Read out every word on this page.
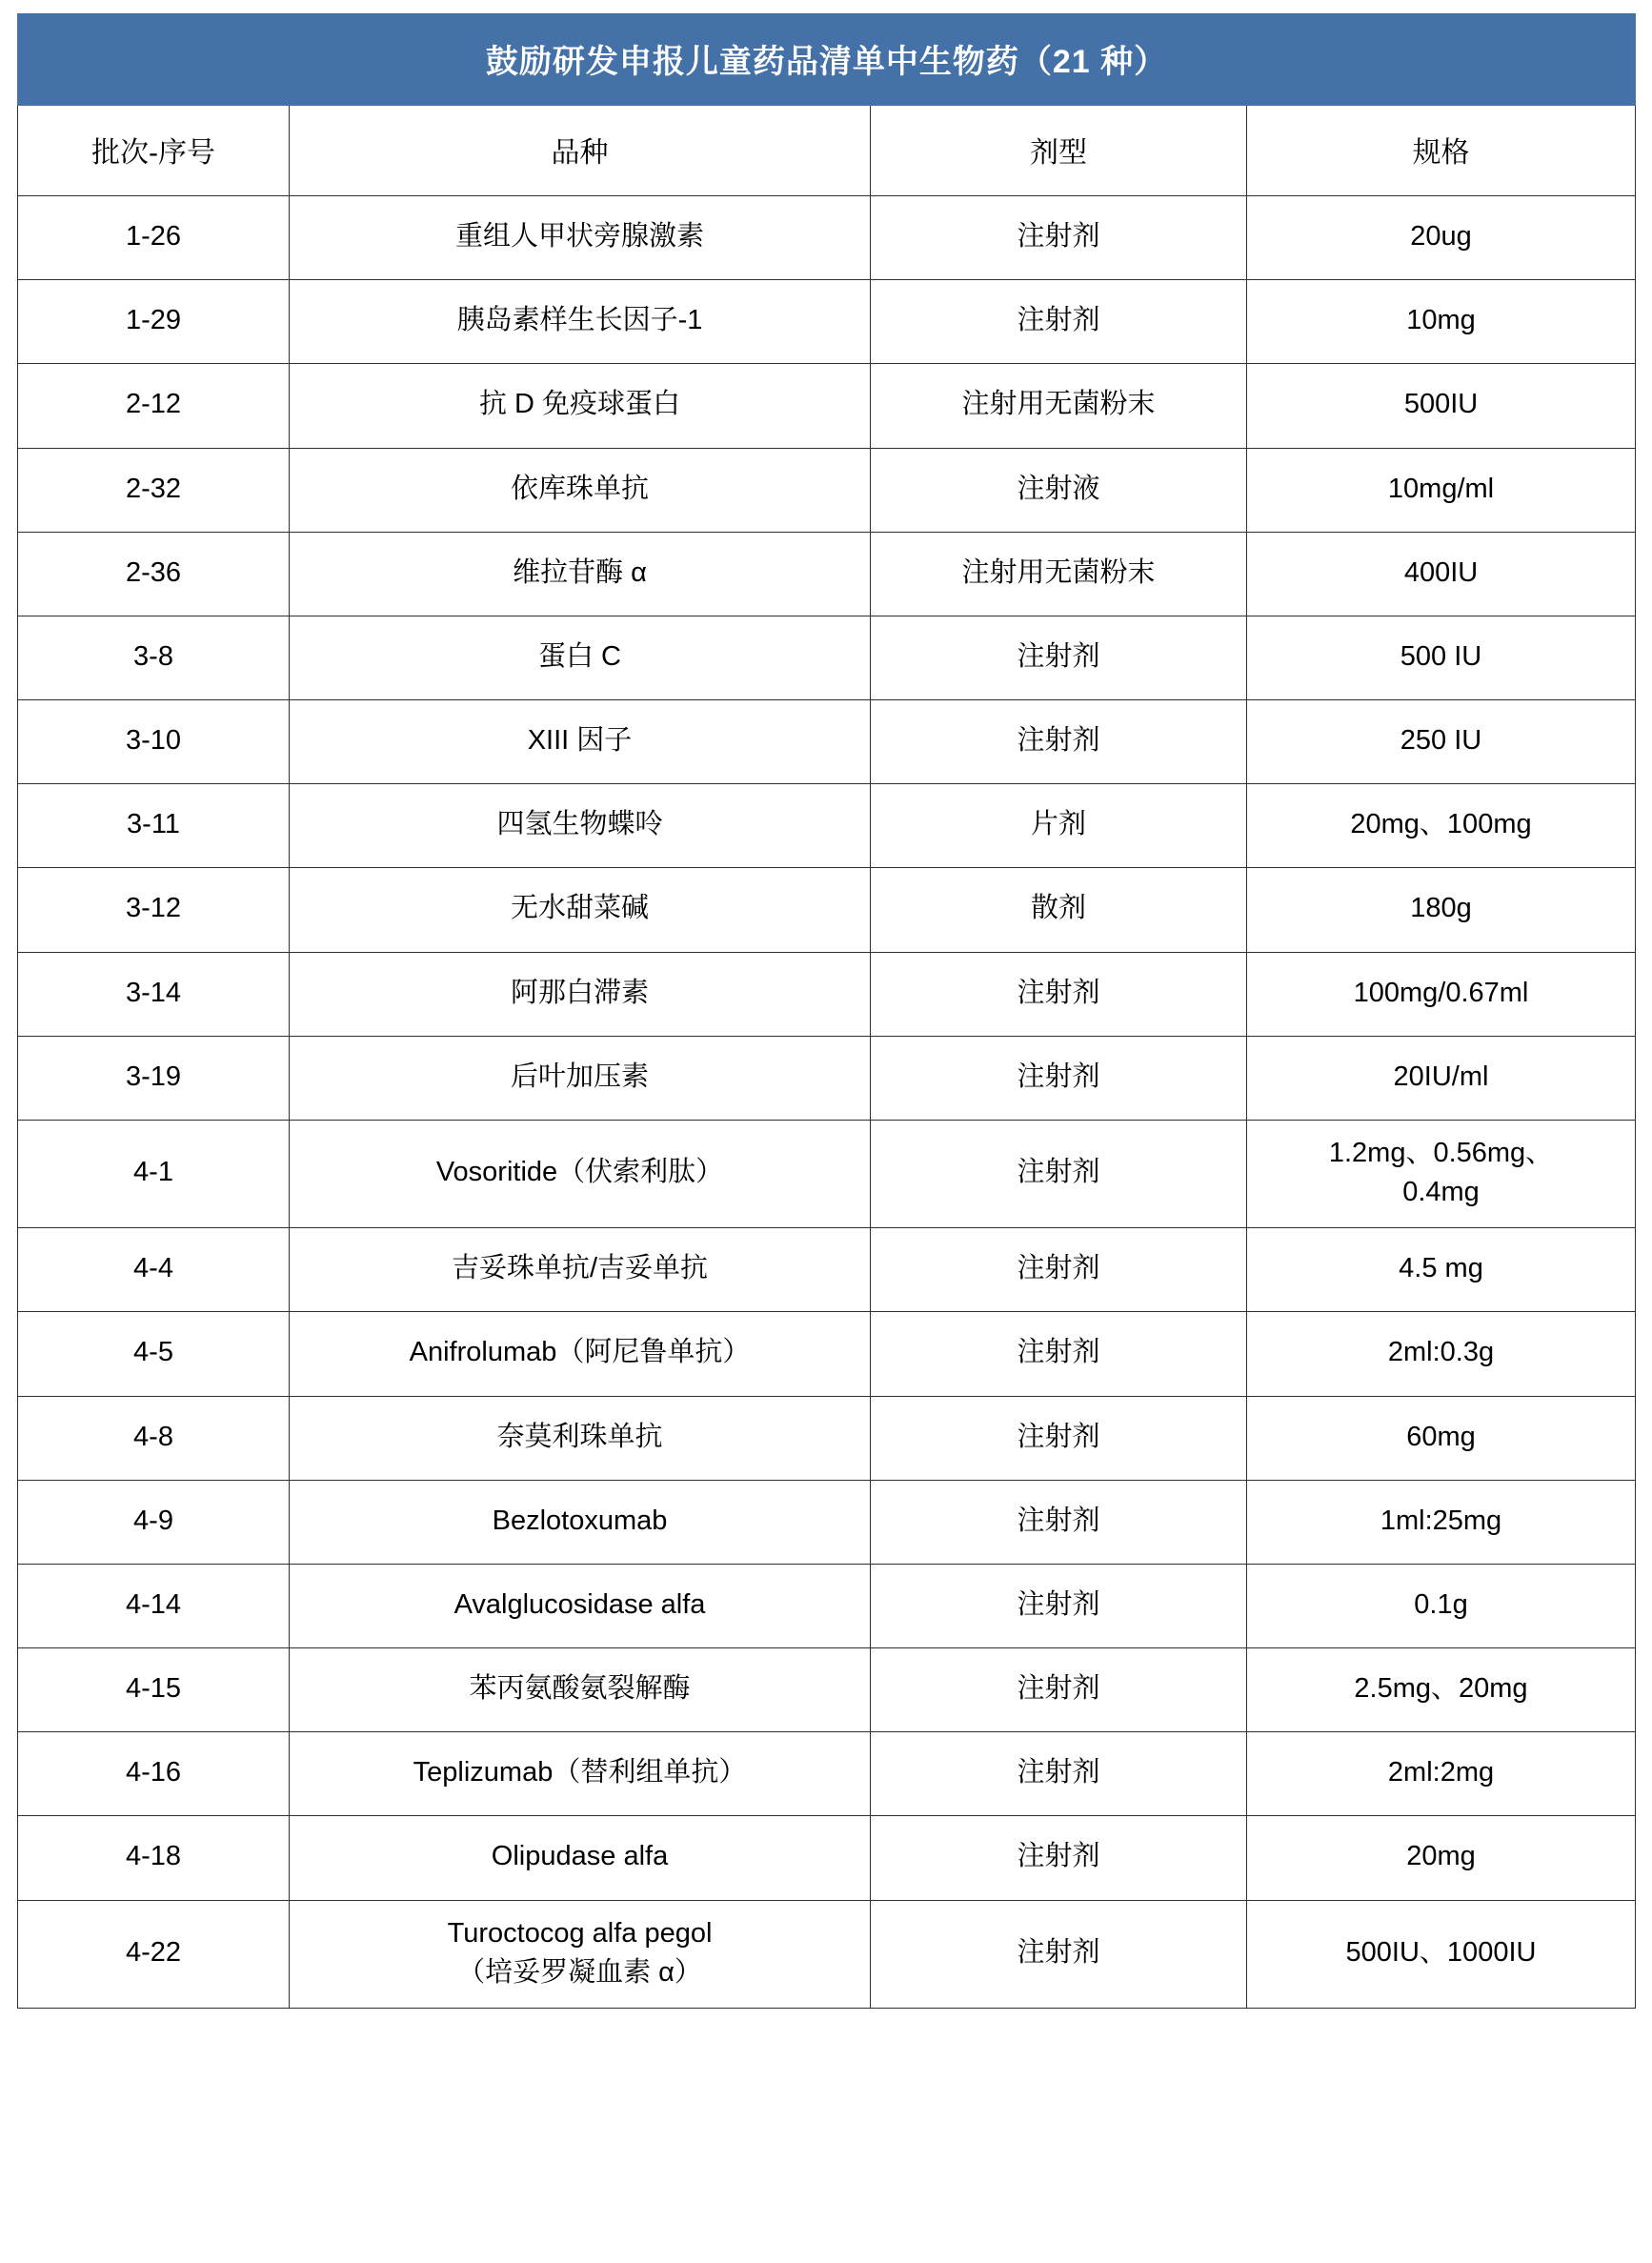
鼓励研发申报儿童药品清单中生物药（21 种）			
批次-序号	品种	剂型	规格
1-26	重组人甲状旁腺激素	注射剂	20ug
1-29	胰岛素样生长因子-1	注射剂	10mg
2-12	抗 D 免疫球蛋白	注射用无菌粉末	500IU
2-32	依库珠单抗	注射液	10mg/ml
2-36	维拉苷酶 α	注射用无菌粉末	400IU
3-8	蛋白 C	注射剂	500 IU
3-10	XIII 因子	注射剂	250 IU
3-11	四氢生物蝶呤	片剂	20mg、100mg
3-12	无水甜菜碱	散剂	180g
3-14	阿那白滞素	注射剂	100mg/0.67ml
3-19	后叶加压素	注射剂	20IU/ml
4-1	Vosoritide（伏索利肽）	注射剂	1.2mg、0.56mg、
0.4mg

4-4	吉妥珠单抗/吉妥单抗	注射剂	4.5 mg
4-5	Anifrolumab（阿尼鲁单抗）	注射剂	2ml:0.3g
4-8	奈莫利珠单抗	注射剂	60mg
4-9	Bezlotoxumab	注射剂	1ml:25mg
4-14	Avalglucosidase alfa	注射剂	0.1g
4-15	苯丙氨酸氨裂解酶	注射剂	2.5mg、20mg
4-16	Teplizumab（替利组单抗）	注射剂	2ml:2mg
4-18	Olipudase alfa	注射剂	20mg
4-22	Turoctocog alfa pegol
（培妥罗凝血素 α）	注射剂	500IU、1000IU
